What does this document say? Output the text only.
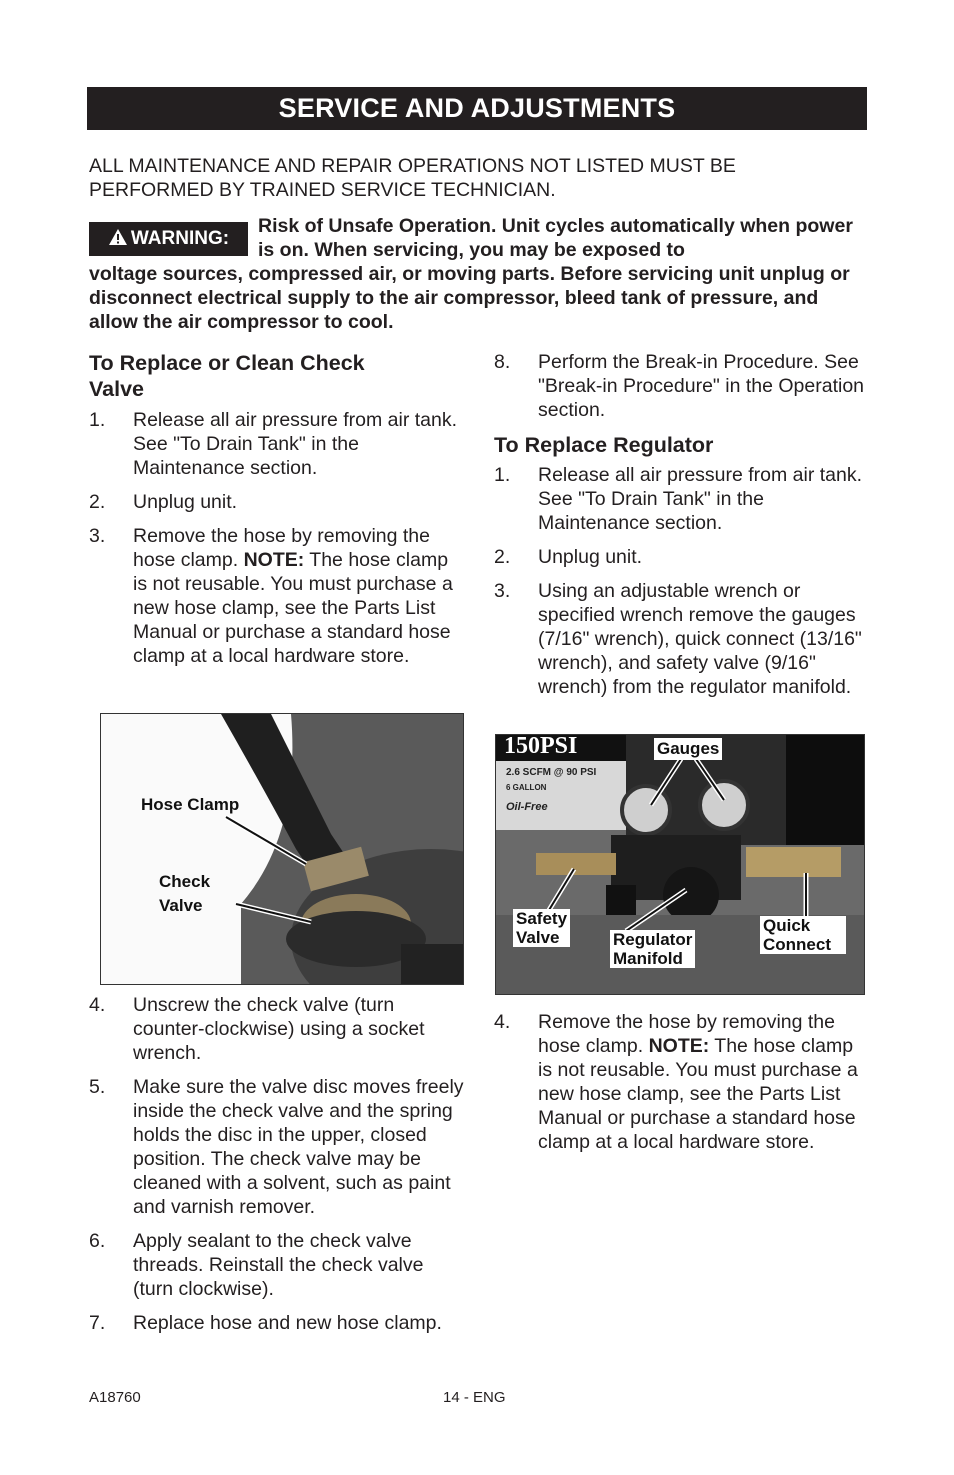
SERVICE AND ADJUSTMENTS
ALL MAINTENANCE AND REPAIR OPERATIONS NOT LISTED MUST BE
PERFORMED BY TRAINED SERVICE TECHNICIAN.
Risk of Unsafe Operation. Unit cycles automatically when power is on. When servicing, you may be exposed to
voltage sources, compressed air, or moving parts. Before servicing unit unplug or disconnect electrical supply to the air compressor, bleed tank of pressure, and allow the air compressor to cool.
WARNING:
To Replace or Clean Check Valve
1. Release all air pressure from air tank. See "To Drain Tank" in the Maintenance section.
2. Unplug unit.
3. Remove the hose by removing the hose clamp. NOTE: The hose clamp is not reusable. You must purchase a new hose clamp, see the Parts List Manual or purchase a standard hose clamp at a local hardware store.
4. Unscrew the check valve (turn counter-clockwise) using a socket wrench.
5. Make sure the valve disc moves freely inside the check valve and the spring holds the disc in the upper, closed position. The check valve may be cleaned with a solvent, such as paint and varnish remover.
6. Apply sealant to the check valve threads. Reinstall the check valve (turn clockwise).
7. Replace hose and new hose clamp.
Hose Clamp
Check
Valve
8. Perform the Break-in Procedure. See "Break-in Procedure" in the Operation section.
To Replace Regulator
1. Release all air pressure from air tank. See "To Drain Tank" in the Maintenance section.
2. Unplug unit.
3. Using an adjustable wrench or specified wrench remove the gauges (7/16" wrench), quick connect (13/16" wrench), and safety valve (9/16" wrench) from the regulator manifold.
150PSI
2.6 SCFM @ 90 PSI
6 GALLON
Oil-Free
Gauges
Safety
Valve	Regulator
Manifold
Quick
Connect
4. Remove the hose by removing the hose clamp. NOTE: The hose clamp is not reusable. You must purchase a new hose clamp, see the Parts List Manual or purchase a standard hose clamp at a local hardware store.
A18760	14 - ENG
